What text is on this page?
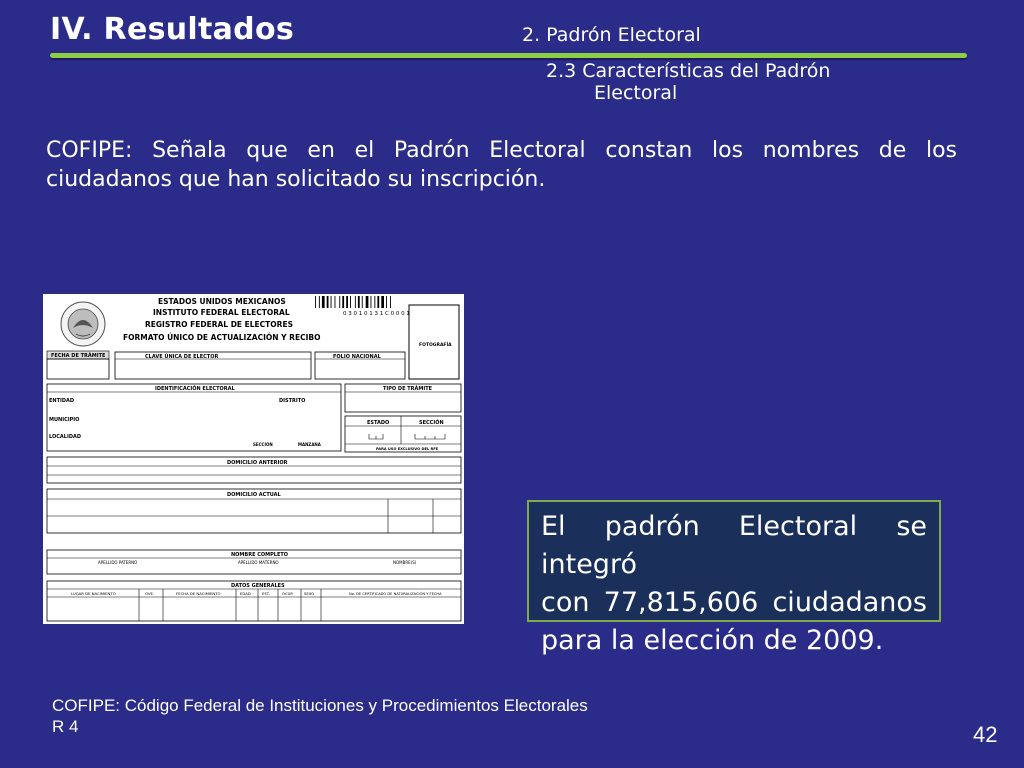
IV. Resultados	2. Padrón Electoral
2.3 Características del Padrón
Electoral
COFIPE: Señala que en el Padrón Electoral constan los nombres de los
ciudadanos que han solicitado su inscripción.
ESTADOS UNIDOS MEXICANOS
INSTITUTO FEDERAL ELECTORAL
REGISTRO FEDERAL DE ELECTORES
FORMATO ÚNICO DE ACTUALIZACIÓN Y RECIBO
0 3 0 1 0 1 3 1 C 0 0 0 1
FOTOGRAFÍA
FECHA DE TRÁMITE	CLAVE ÚNICA DE ELECTOR	FOLIO NACIONAL
IDENTIFICACIÓN ELECTORAL
ENTIDAD	DISTRITO
MUNICIPIO
LOCALIDAD
SECCIÓN	MANZANA
TIPO DE TRÁMITE
ESTADO	SECCIÓN
PARA USO EXCLUSIVO DEL RFE
DOMICILIO ANTERIOR
DOMICILIO ACTUAL
NOMBRE COMPLETO
APELLIDO PATERNO	APELLIDO MATERNO	NOMBRE(S)
DATOS GENERALES
LUGAR DE NACIMIENTO	OVE.	FECHA DE NACIMIENTO	EDAD	EST.	OCUP.	SEXO	No. DE CERTIFICADO DE NATURALIZACIÓN Y FECHA
El padrón Electoral se integró
con 77,815,606 ciudadanos
para la elección de 2009.
COFIPE: Código Federal de Instituciones y Procedimientos Electorales
R 4	42
